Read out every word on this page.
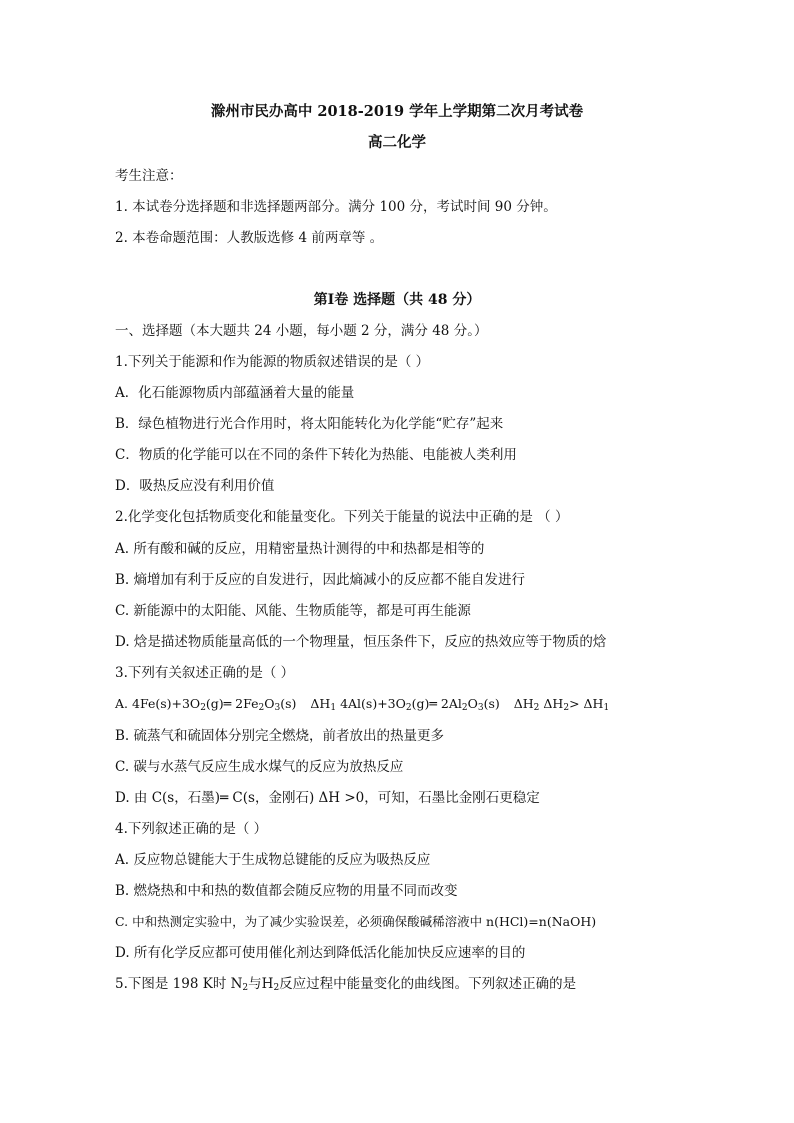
滁州市民办高中 2018-2019 学年上学期第二次月考试卷
高二化学
考生注意：
1. 本试卷分选择题和非选择题两部分。满分 100 分，考试时间 90 分钟。
2. 本卷命题范围：人教版选修 4 前两章等 。
第Ⅰ卷 选择题（共 48 分）
一、选择题（本大题共 24 小题，每小题 2 分，满分 48 分。）
1.下列关于能源和作为能源的物质叙述错误的是（ ）
A．化石能源物质内部蕴涵着大量的能量
B．绿色植物进行光合作用时，将太阳能转化为化学能“贮存”起来
C．物质的化学能可以在不同的条件下转化为热能、电能被人类利用
D．吸热反应没有利用价值
2.化学变化包括物质变化和能量变化。下列关于能量的说法中正确的是 （ ）
A. 所有酸和碱的反应，用精密量热计测得的中和热都是相等的
B. 熵增加有利于反应的自发进行，因此熵减小的反应都不能自发进行
C. 新能源中的太阳能、风能、生物质能等，都是可再生能源
D. 焓是描述物质能量高低的一个物理量，恒压条件下，反应的热效应等于物质的焓
3.下列有关叙述正确的是（ ）
A. $4Fe(s)+3O_2(g)═$ $2Fe_2O_3(s)$ $\Delta H_1$ $4Al(s)+3O_2(g)═$ $2Al_2O_3(s)$ $\Delta H_2$ $\Delta H_2> \Delta H_1$
B. 硫蒸气和硫固体分别完全燃烧，前者放出的热量更多
C. 碳与水蒸气反应生成水煤气的反应为放热反应
D. 由 C(s，石墨)═ C(s，金刚石) ΔH >0，可知，石墨比金刚石更稳定
4.下列叙述正确的是（ ）
A. 反应物总键能大于生成物总键能的反应为吸热反应
B. 燃烧热和中和热的数值都会随反应物的用量不同而改变
C. 中和热测定实验中，为了减少实验误差，必须确保酸碱稀溶液中 n(HCl)=n(NaOH)
D. 所有化学反应都可使用催化剂达到降低活化能加快反应速率的目的
5.下图是 198 K时 $N_2$与$H_2$反应过程中能量变化的曲线图。下列叙述正确的是
